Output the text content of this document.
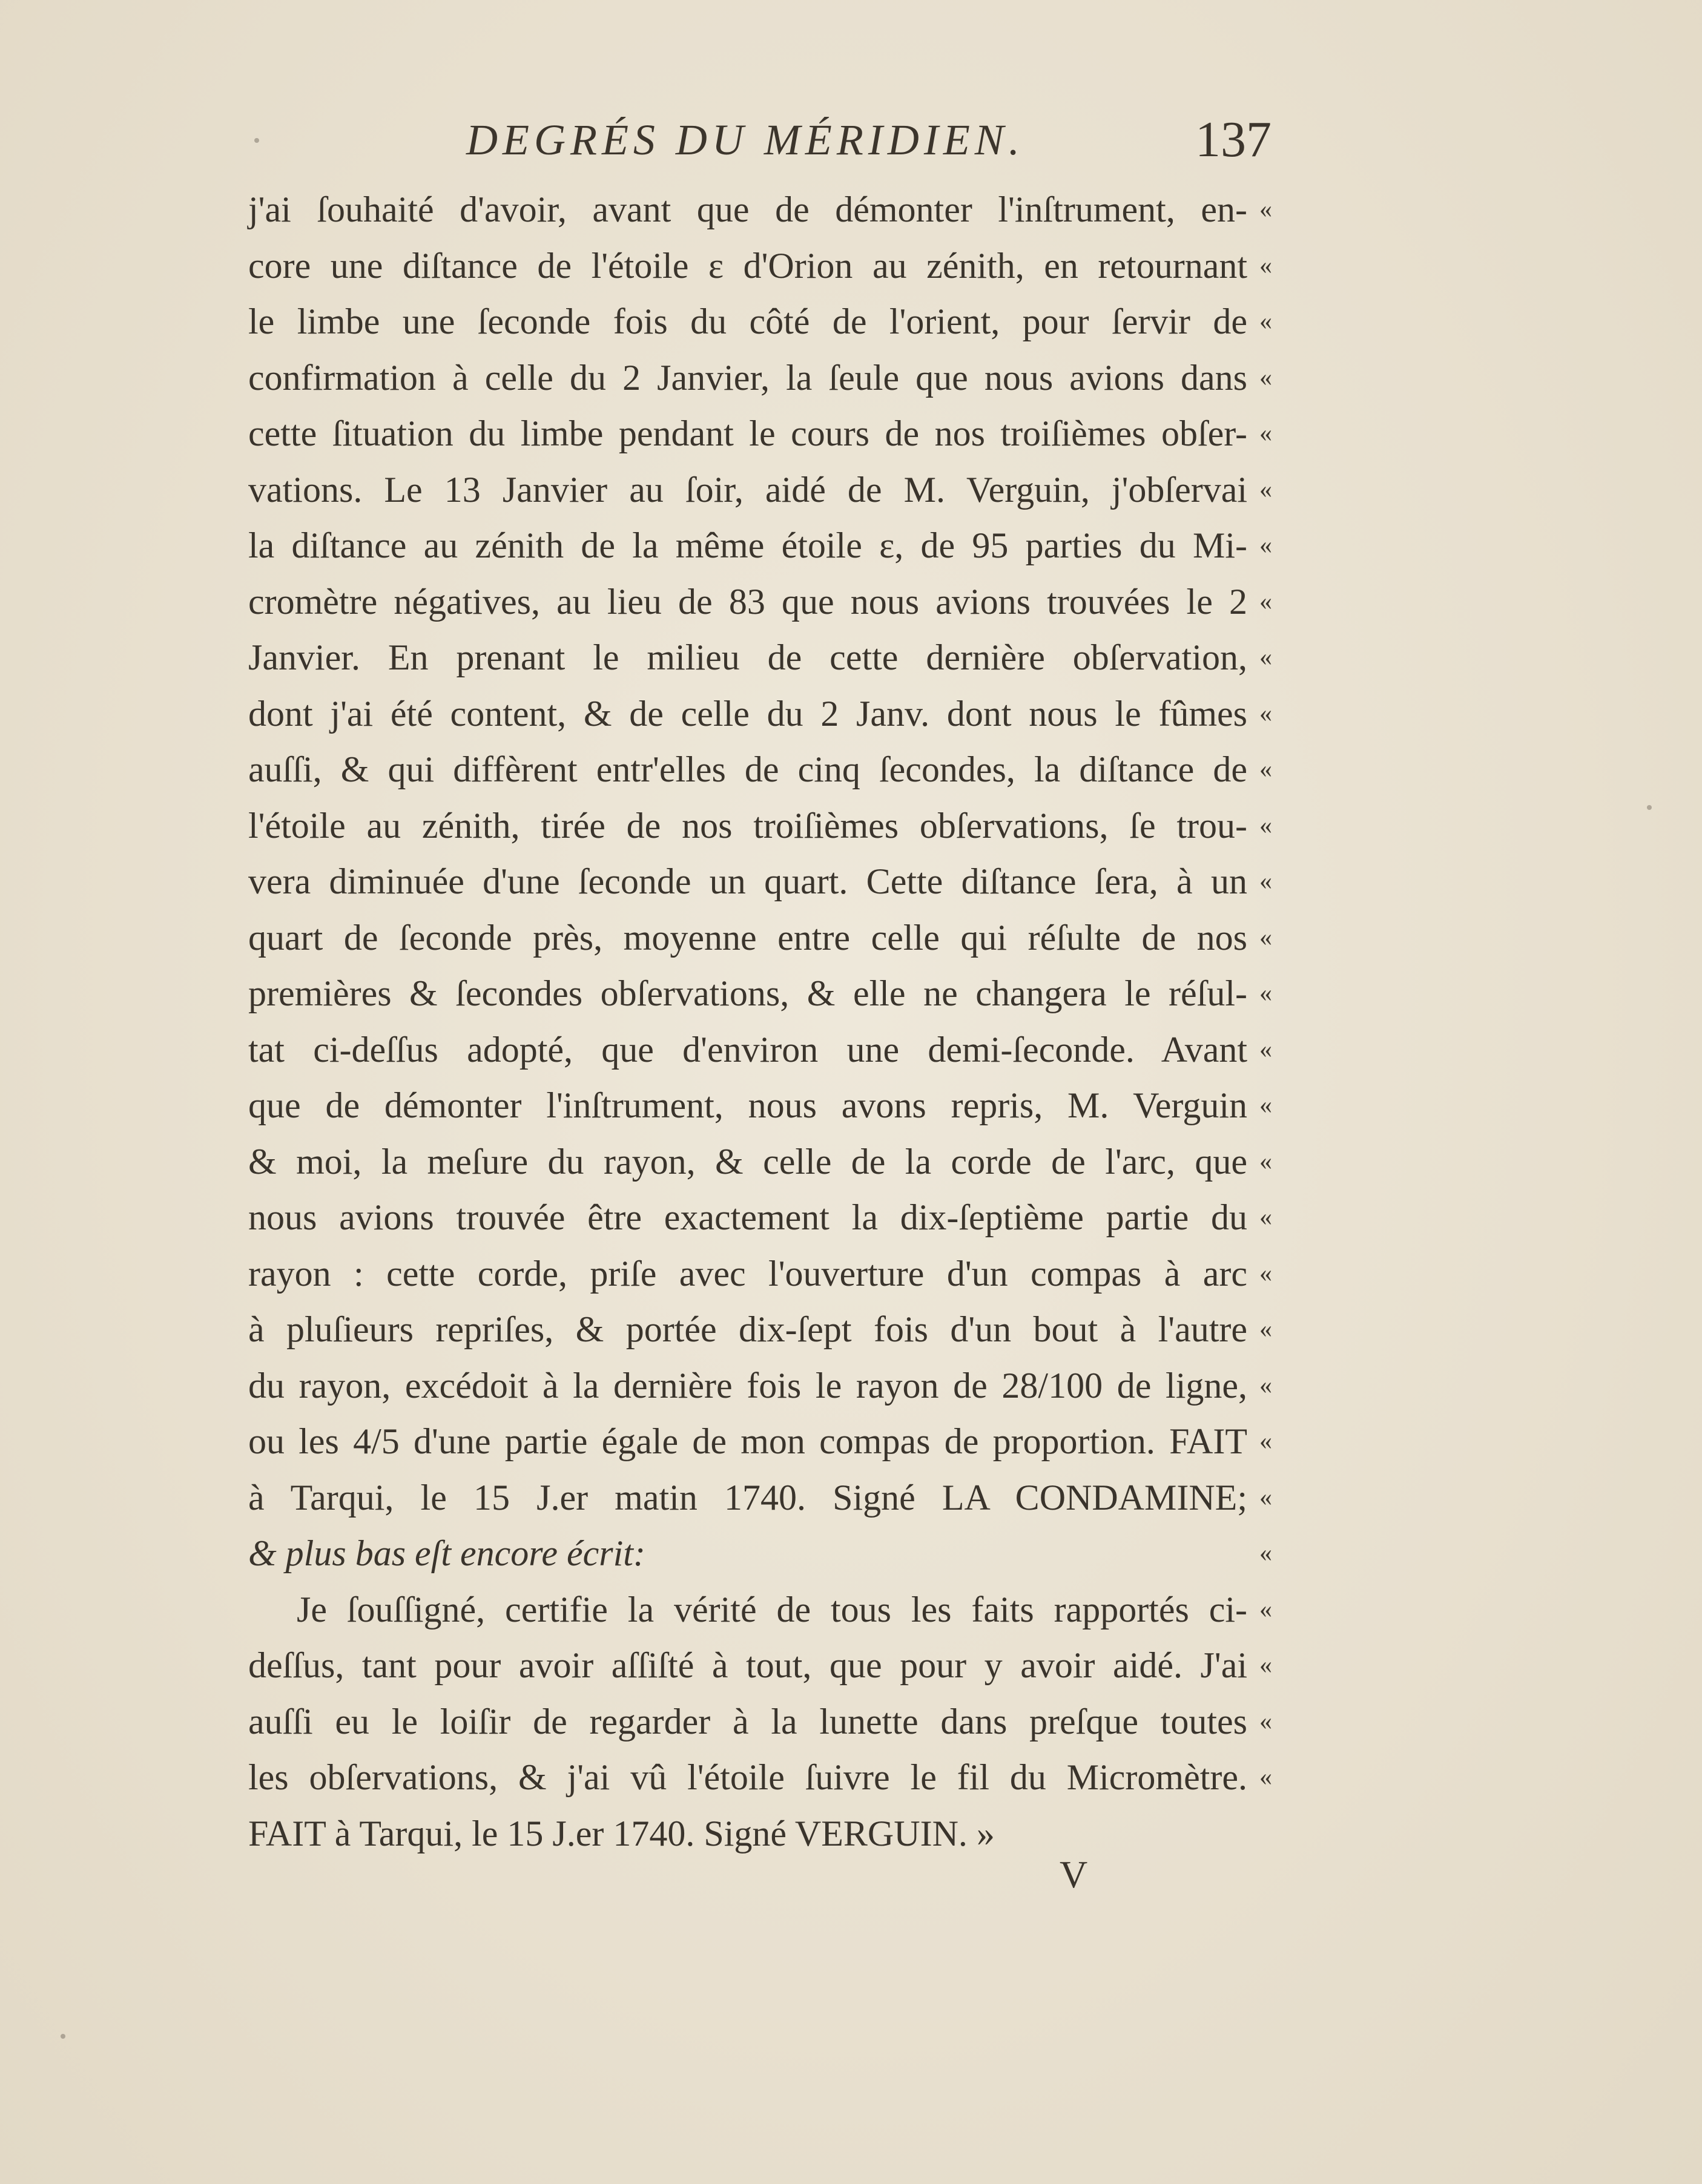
DEGRÉS DU MÉRIDIEN.	137
j'ai ſouhaité d'avoir, avant que de démonter l'inſtrument, en-
core une diſtance de l'étoile ε d'Orion au zénith, en retournant
le limbe une ſeconde fois du côté de l'orient, pour ſervir de
confirmation à celle du 2 Janvier, la ſeule que nous avions dans
cette ſituation du limbe pendant le cours de nos troiſièmes obſer-
vations. Le 13 Janvier au ſoir, aidé de M. Verguin, j'obſervai
la diſtance au zénith de la même étoile ε, de 95 parties du Mi-
cromètre négatives, au lieu de 83 que nous avions trouvées le 2
Janvier. En prenant le milieu de cette dernière obſervation,
dont j'ai été content, & de celle du 2 Janv. dont nous le fûmes
auſſi, & qui diffèrent entr'elles de cinq ſecondes, la diſtance de
l'étoile au zénith, tirée de nos troiſièmes obſervations, ſe trou-
vera diminuée d'une ſeconde un quart. Cette diſtance ſera, à un
quart de ſeconde près, moyenne entre celle qui réſulte de nos
premières & ſecondes obſervations, & elle ne changera le réſul-
tat ci-deſſus adopté, que d'environ une demi-ſeconde. Avant
que de démonter l'inſtrument, nous avons repris, M. Verguin
& moi, la meſure du rayon, & celle de la corde de l'arc, que
nous avions trouvée être exactement la dix-ſeptième partie du
rayon : cette corde, priſe avec l'ouverture d'un compas à arc
à pluſieurs repriſes, & portée dix-ſept fois d'un bout à l'autre
du rayon, excédoit à la dernière fois le rayon de 28/100 de ligne,
ou les 4/5 d'une partie égale de mon compas de proportion. FAIT
à Tarqui, le 15 J.er matin 1740. Signé LA CONDAMINE;
& plus bas eſt encore écrit:
Je ſouſſigné, certifie la vérité de tous les faits rapportés ci-
deſſus, tant pour avoir aſſiſté à tout, que pour y avoir aidé. J'ai
auſſi eu le loiſir de regarder à la lunette dans preſque toutes
les obſervations, & j'ai vû l'étoile ſuivre le fil du Micromètre.
FAIT à Tarqui, le 15 J.er 1740. Signé VERGUIN. »
«
«
«
«
«
«
«
«
«
«
«
«
«
«
«
«
«
«
«
«
«
«
«
«
«
«
«
«
«
V
